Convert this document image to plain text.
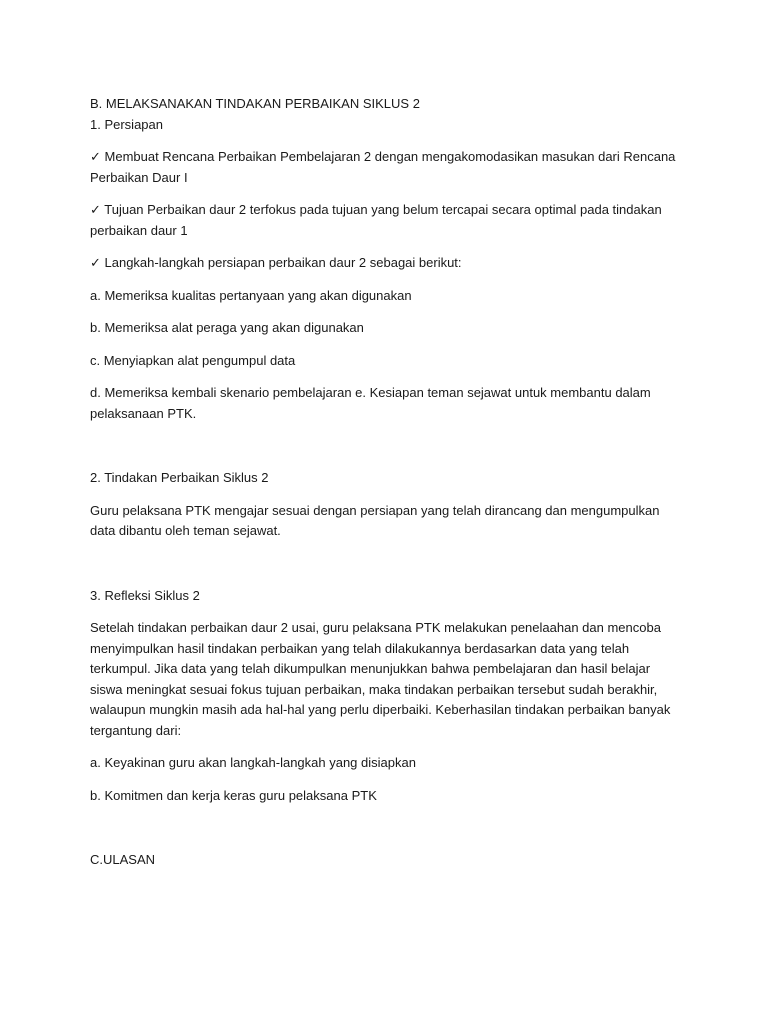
B. MELAKSANAKAN TINDAKAN PERBAIKAN SIKLUS 2

1. Persiapan

✓ Membuat Rencana Perbaikan Pembelajaran 2 dengan mengakomodasikan masukan dari Rencana Perbaikan Daur I

✓ Tujuan Perbaikan daur 2 terfokus pada tujuan yang belum tercapai secara optimal pada tindakan perbaikan daur 1

✓ Langkah-langkah persiapan perbaikan daur 2 sebagai berikut:

a. Memeriksa kualitas pertanyaan yang akan digunakan

b. Memeriksa alat peraga yang akan digunakan

c. Menyiapkan alat pengumpul data

d. Memeriksa kembali skenario pembelajaran e. Kesiapan teman sejawat untuk membantu dalam pelaksanaan PTK.

2. Tindakan Perbaikan Siklus 2

Guru pelaksana PTK mengajar sesuai dengan persiapan yang telah dirancang dan mengumpulkan data dibantu oleh teman sejawat.

3. Refleksi Siklus 2

Setelah tindakan perbaikan daur 2 usai, guru pelaksana PTK melakukan penelaahan dan mencoba menyimpulkan hasil tindakan perbaikan yang telah dilakukannya berdasarkan data yang telah terkumpul. Jika data yang telah dikumpulkan menunjukkan bahwa pembelajaran dan hasil belajar siswa meningkat sesuai fokus tujuan perbaikan, maka tindakan perbaikan tersebut sudah berakhir, walaupun mungkin masih ada hal-hal yang perlu diperbaiki. Keberhasilan tindakan perbaikan banyak tergantung dari:

a. Keyakinan guru akan langkah-langkah yang disiapkan

b. Komitmen dan kerja keras guru pelaksana PTK

C.ULASAN
